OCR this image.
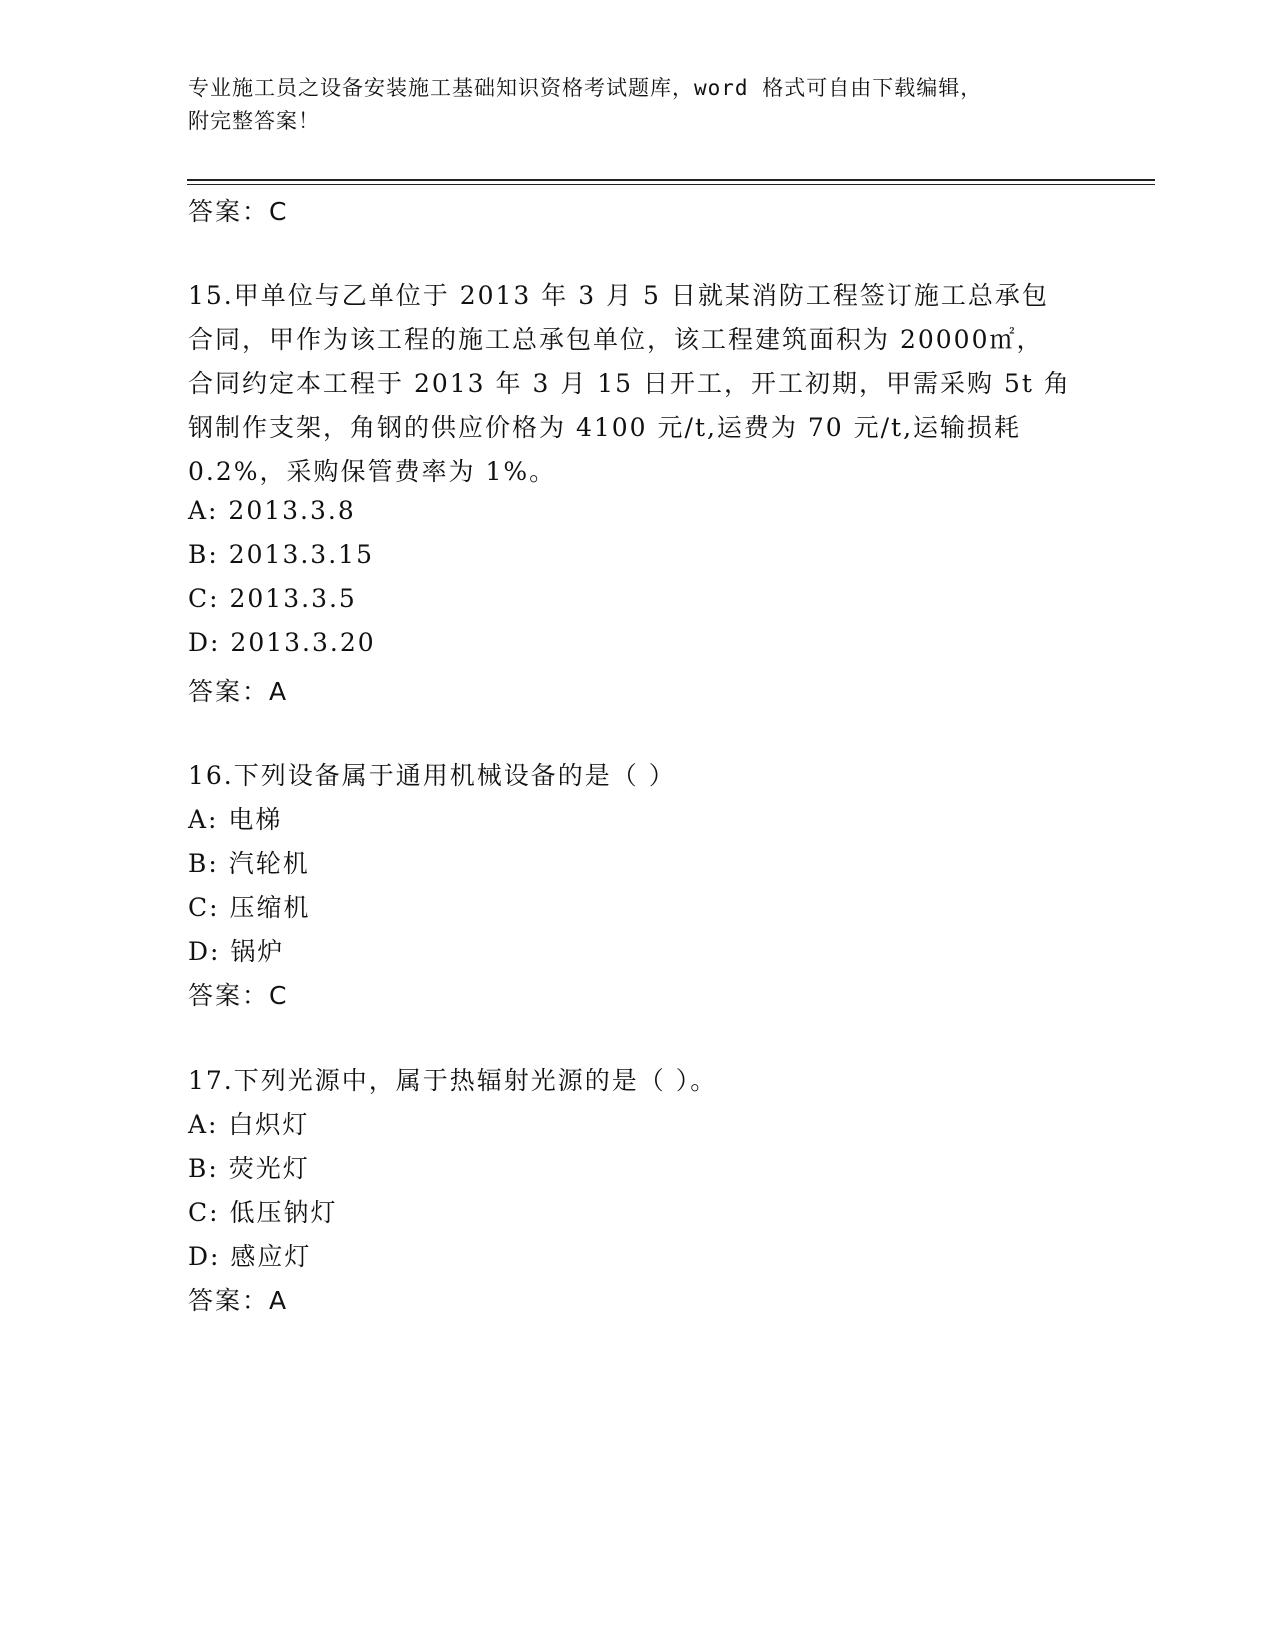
专业施工员之设备安装施工基础知识资格考试题库，word 格式可自由下载编辑，
附完整答案！
答案：C
15.甲单位与乙单位于 2013 年 3 月 5 日就某消防工程签订施工总承包
合同，甲作为该工程的施工总承包单位，该工程建筑面积为 20000㎡，
合同约定本工程于 2013 年 3 月 15 日开工，开工初期，甲需采购 5t 角
钢制作支架，角钢的供应价格为 4100 元/t,运费为 70 元/t,运输损耗
0.2%，采购保管费率为 1%。
A: 2013.3.8
B: 2013.3.15
C: 2013.3.5
D: 2013.3.20
答案：A
16.下列设备属于通用机械设备的是（ ）
A: 电梯
B: 汽轮机
C: 压缩机
D: 锅炉
答案：C
17.下列光源中，属于热辐射光源的是（ ）。
A: 白炽灯
B: 荧光灯
C: 低压钠灯
D: 感应灯
答案：A
